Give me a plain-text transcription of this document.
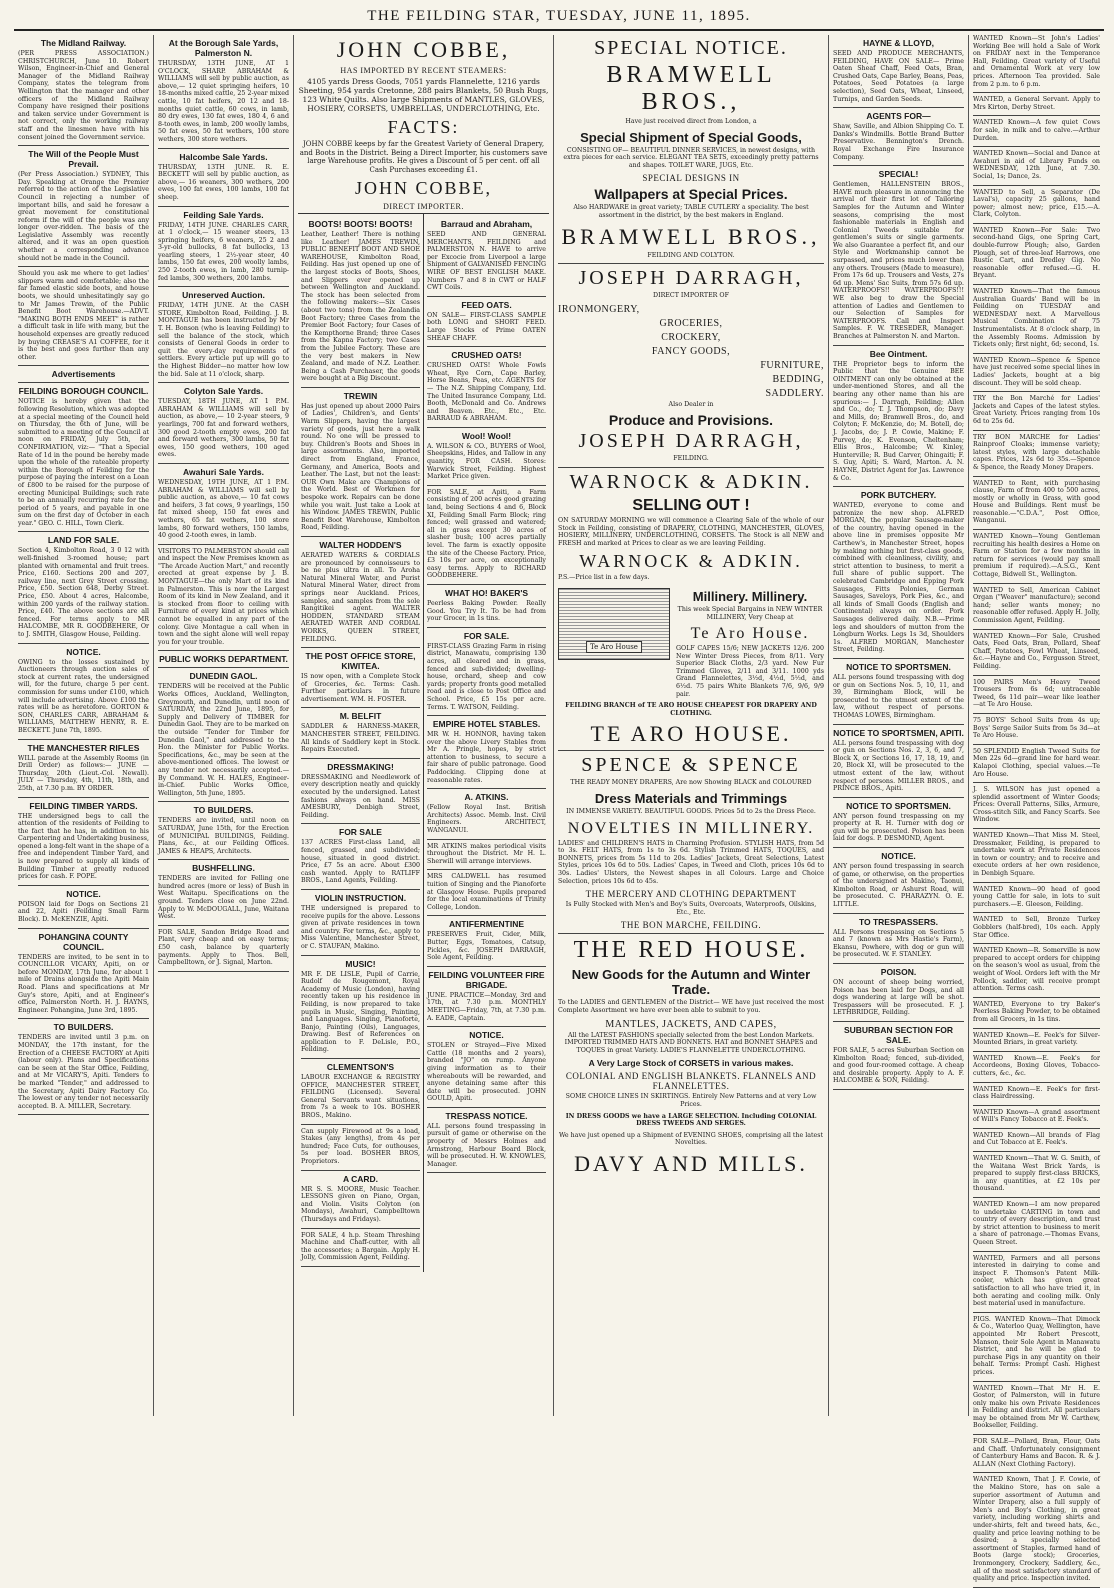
THE FEILDING STAR, TUESDAY, JUNE 11, 1895.
The Midland Railway.
(PER PRESS ASSOCIATION.) CHRISTCHURCH, June 10. Robert Wilson, Engineer-in-Chief and General Manager of the Midland Railway Company, states the telegram from Wellington that the manager and other officers of the Midland Railway Company have resigned their positions and taken service under Government is not correct, only the working railway staff and the linesmen have with his consent joined the Government service.
The Will of the People Must Prevail.
(Per Press Association.) SYDNEY, This Day. Speaking at Orange the Premier referred to the action of the Legislative Council in rejecting a number of important bills, and said he foresaw a great movement for constitutional reform if the will of the people was any longer over-ridden. The basis of the Legislative Assembly was recently altered, and it was an open question whether a corresponding advance should not be made in the Council.
Should you ask me where to get ladies' slippers warm and comfortable; also the far famed elastic side boots, and house boots, we should unhesitatingly say go to Mr James Trewin, of the Public Benefit Boot Warehouse.—ADVT. "MAKING BOTH ENDS MEET" is rather a difficult task in life with many, but the household expenses are greatly reduced by buying CREASE'S A1 COFFEE, for it is the best and goes further than any other.
Advertisements
FEILDING BOROUGH COUNCIL.
NOTICE is hereby given that the following Resolution, which was adopted at a special meeting of the Council held on Thursday, the 6th of June, will be submitted to a meeting of the Council at noon on FRIDAY, July 5th, for CONFIRMATION, viz:— "That a Special Rate of 1d in the pound be hereby made upon the whole of the rateable property within the Borough of Feilding for the purpose of paying the interest on a Loan of £800 to be raised for the purpose of erecting Municipal Buildings; such rate to be an annually recurring rate for the period of 5 years, and payable in one sum on the first day of October in each year." GEO. C. HILL, Town Clerk.
LAND FOR SALE.
Section 4, Kimbolton Road, 3 0 12 with well-finished 3-roomed house; part planted with ornamental and fruit trees. Price, £160. Sections 200 and 207, railway line, next Grey Street crossing. Price, £50. Section 648, Derby Street. Price, £50. About 4 acres, Halcombe, within 200 yards of the railway station. Price, £40. The above sections are all fenced. For terms apply to MR HALCOMBE, MR R. GOODBEHERE, Or to J. SMITH, Glasgow House, Feilding.
NOTICE.
OWING to the losses sustained by Auctioneers through auction sales of stock at current rates, the undersigned will, for the future, charge 5 per cent. commission for sums under £100, which will include advertising. Above £100 the rates will be as heretofore. GORTON & SON, CHARLES CARR, ABRAHAM & WILLIAMS, MATTHEW HENRY, R. E. BECKETT. June 7th, 1895.
THE MANCHESTER RIFLES
WILL parade at the Assembly Rooms (in Drill Order) as follows:— JUNE — Thursday, 20th (Lieut.-Col. Newall). JULY — Thursday, 4th, 11th, 18th, and 25th, at 7.30 p.m. BY ORDER.
FEILDING TIMBER YARDS.
THE undersigned begs to call the attention of the residents of Feilding to the fact that he has, in addition to his Carpentering and Undertaking business, opened a long-felt want in the shape of a free and independent Timber Yard, and is now prepared to supply all kinds of Building Timber at greatly reduced prices for cash. F. POPE.
NOTICE.
POISON laid for Dogs on Sections 21 and 22, Apiti (Feilding Small Farm Block). D. McKENZIE, Apiti.
POHANGINA COUNTY COUNCIL.
TENDERS are invited, to be sent in to COUNCILLOR VICARY, Apiti, on or before MONDAY, 17th June, for about 1 mile of Drains alongside the Apiti Main Road. Plans and specifications at Mr Guy's store, Apiti, and at Engineer's office, Palmerston North. H. J. HAYNS, Engineer. Pohangina, June 3rd, 1895.
TO BUILDERS.
TENDERS are invited until 3 p.m. on MONDAY, the 17th instant, for the Erection of a CHEESE FACTORY at Apiti (labour only). Plans and Specifications can be seen at the Star Office, Feilding, and at Mr VICARY'S, Apiti. Tenders to be marked "Tender," and addressed to the Secretary, Apiti Dairy Factory Co. The lowest or any tender not necessarily accepted. B. A. MILLER, Secretary.
At the Borough Sale Yards, Palmerston N.
THURSDAY, 13TH JUNE, AT 1 O'CLOCK, SHARP. ABRAHAM & WILLIAMS will sell by public auction, as above,— 12 quiet springing heifers, 10 18-months mixed cattle, 25 2-year mixed cattle, 10 fat heifers, 20 12 and 18-months quiet cattle, 60 cows, in lamb, 80 dry ewes, 130 fat ewes, 180 4, 6 and 8-tooth ewes, in lamb, 200 woolly lambs, 50 fat ewes, 50 fat wethers, 100 store wethers, 300 store wethers.
Halcombe Sale Yards.
THURSDAY, 13TH JUNE. R. E. BECKETT will sell by public auction, as above,— 16 weaners, 300 wethers, 200 ewes, 100 fat ewes, 100 lambs, 100 fat sheep.
Feilding Sale Yards.
FRIDAY, 14TH JUNE. CHARLES CARR, at 1 o'clock,— 15 weaner steers, 13 springing heifers, 6 weaners, 25 2 and 3-yr-old bullocks, 8 fat bullocks, 13 yearling steers, 1 2½-year steer, 40 lambs, 150 fat ewes, 200 woolly lambs, 250 2-tooth ewes, in lamb, 280 turnip-fed lambs, 300 wethers, 200 lambs.
Unreserved Auction.
FRIDAY, 14TH JUNE. At the CASH STORE, Kimbolton Road, Feilding. J. B. MONTAGUE has been instructed by Mr T. H. Bonson (who is leaving Feilding) to sell the balance of the stock, which consists of General Goods in order to quit the every-day requirements of settlers. Every article put up will go to the Highest Bidder—no matter how low the bid. Sale at 11 o'clock, sharp.
Colyton Sale Yards.
TUESDAY, 18TH JUNE, AT 1 P.M. ABRAHAM & WILLIAMS will sell by auction, as above,— 10 2-year steers, 9 yearlings, 700 fat and forward wethers, 300 good 2-tooth empty ewes, 200 fat and forward wethers, 300 lambs, 50 fat ewes, 150 good wethers, 100 aged ewes.
Awahuri Sale Yards.
WEDNESDAY, 19TH JUNE, AT 1 P.M. ABRAHAM & WILLIAMS will sell by public auction, as above,— 10 fat cows and heifers, 3 fat cows, 9 yearlings, 150 fat mixed sheep, 150 fat ewes and wethers, 65 fat wethers, 100 store lambs, 80 forward wethers, 150 lambs, 40 good 2-tooth ewes, in lamb.
VISITORS TO PALMERSTON should call and inspect the New Premises known as "The Arcade Auction Mart," and recently erected at great expense by J. B. MONTAGUE—the only Mart of its kind in Palmerston. This is now the Largest Room of its kind in New Zealand, and it is stocked from floor to ceiling with Furniture of every kind at prices which cannot be equalled in any part of the colony. Give Montague a call when in town and the sight alone will well repay you for your trouble.
PUBLIC WORKS DEPARTMENT.
DUNEDIN GAOL.
TENDERS will be received at the Public Works Offices, Auckland, Wellington, Greymouth, and Dunedin, until noon of SATURDAY, the 22nd June, 1895, for Supply and Delivery of TIMBER for Dunedin Gaol. They are to be marked on the outside "Tender for Timber for Dunedin Gaol," and addressed to the Hon. the Minister for Public Works. Specifications, &c., may be seen at the above-mentioned offices. The lowest or any tender not necessarily accepted.—By Command. W. H. HALES, Engineer-in-Chief. Public Works Office, Wellington, 5th June, 1895.
TO BUILDERS.
TENDERS are invited, until noon on SATURDAY, June 15th, for the Erection of MUNICIPAL BUILDINGS, Feilding. Plans, &c., at our Feilding Offices. JAMES & HEAPS, Architects.
BUSHFELLING.
TENDERS are invited for Felling one hundred acres (more or less) of Bush in West Waitapu. Specifications on the ground. Tenders close on June 22nd. Apply to W. McDOUGALL, June, Waitana West.
FOR SALE, Sandon Bridge Road and Plant, very cheap and on easy terms; £50 cash, balance by quarterly payments. Apply to Thos. Bell, Campbelltown, or J. Signal, Marton.
JOHN COBBE,
HAS IMPORTED BY RECENT STEAMERS:
4105 yards Dress Goods, 7051 yards Flannelette, 1216 yards Sheeting, 954 yards Cretonne, 288 pairs Blankets, 50 Bush Rugs, 123 White Quilts. Also large Shipments of MANTLES, GLOVES, HOSIERY, CORSETS, UMBRELLAS, UNDERCLOTHING, Etc.
FACTS:
JOHN COBBE keeps by far the Greatest Variety of General Drapery, and Boots in the District. Being a Direct Importer, his customers save large Warehouse profits. He gives a Discount of 5 per cent. off all Cash Purchases exceeding £1.
JOHN COBBE,
DIRECT IMPORTER.
BOOTS! BOOTS! BOOTS!
Leather, Leather! There is nothing like Leather! JAMES TREWIN, PUBLIC BENEFIT BOOT AND SHOE WAREHOUSE, Kimbolton Road, Feilding. Has just opened up one of the largest stocks of Boots, Shoes, and Slippers ever opened up between Wellington and Auckland. The stock has been selected from the following makers:—Six Cases (about two tons) from the Zealandia Boot Factory; three Cases from the Premier Boot Factory; four Cases of the Kempthorne Brand; three Cases from the Kapna Factory; two Cases from the Jubilee Factory. These are the very best makers in New Zealand, and made of N.Z. Leather. Being a Cash Purchaser, the goods were bought at a Big Discount.
TREWIN
Has just opened up about 2000 Pairs of Ladies', Children's, and Gents' Warm Slippers, having the largest variety of goods, just here a walk round. No one will be pressed to buy. Children's Boots and Shoes in large assortments. Also, imported direct from England, France, Germany, and America, Boots and Leather. The Last, but not the least: OUR Own Make are Champions of the World. Best of Workmen for bespoke work. Repairs can be done while you wait. Just take a Look at his Window. JAMES TREWIN, Public Benefit Boot Warehouse, Kimbolton Road, Feilding.
WALTER HODDEN'S
AERATED WATERS & CORDIALS are pronounced by connoisseurs to be ne plus ultra in all. To Aroha Natural Mineral Water, and Purist Natural Mineral Water, direct from springs near Auckland. Prices, samples, and samples from the sole Rangitikei agent. WALTER HODDEN, STANDARD STEAM AERATED WATER AND CORDIAL WORKS, QUEEN STREET, FEILDING.
THE POST OFFICE STORE, KIWITEA.
IS now open, with a Complete Stock of Groceries, &c. Terms: Cash. Further particulars in future advertisement. WM. H. FOSTER.
M. BELFIT
SADDLER & HARNESS-MAKER, MANCHESTER STREET, FEILDING. All kinds of Saddlery kept in Stock. Repairs Executed.
DRESSMAKING!
DRESSMAKING and Needlework of every description neatly and quickly executed by the undersigned. Latest fashions always on hand. MISS AMESBURY, Denbigh Street, Feilding.
FOR SALE
137 ACRES First-class Land, all fenced, grassed, and subdivided; house, situated in good district. Price, £7 5s an acre. About £300 cash wanted. Apply to RATLIFF BROS., Land Agents, Feilding.
VIOLIN INSTRUCTION.
THE undersigned is prepared to receive pupils for the above. Lessons given at private residences in town and country. For terms, &c., apply to Miss Valentine, Manchester Street, or C. STAUFAN, Makino.
MUSIC!
MR F. DE LISLE, Pupil of Carrie, Rudolf de Rougemont, Royal Academy of Music (London), having recently taken up his residence in Feilding, is now prepared to take pupils in Music, Singing, Painting, and Languages. Singing, Pianoforte, Banjo, Painting (Oils), Languages, Drawing. Best of References on application to F. DeLisle, P.O., Feilding.
CLEMENTSON'S
LABOUR EXCHANGE & REGISTRY OFFICE, MANCHESTER STREET, FEILDING (Licensed). Several General Servants want situations, from 7s a week to 10s. BOSHER BROS., Makino.
Can supply Firewood at 9s a load, Stakes (any lengths), from 4s per hundred; Face Cuts, for outhouses, 5s per load. BOSHER BROS, Proprietors.
A CARD.
MR S. S. MOORE, Music Teacher. LESSONS given on Piano, Organ, and Violin. Visits Colyton (on Mondays), Awahuri, Campbelltown (Thursdays and Fridays).
FOR SALE, 4 h.p. Steam Threshing Machine and Chaff-cutter, with all the accessories; a Bargain. Apply H. Jolly, Commission Agent, Feilding.
Barraud and Abraham,
SEED AND GENERAL MERCHANTS, FEILDING and PALMERSTON N. HAVE to arrive per Excocie from Liverpool a large Shipment of GALVANISED FENCING WIRE OF BEST ENGLISH MAKE. Numbers 7 and 8 in CWT or HALF CWT Coils.
FEED OATS.
ON SALE— FIRST-CLASS SAMPLE both LONG and SHORT FEED. Large Stocks of Prime OATEN SHEAF CHAFF.
CRUSHED OATS!
CRUSHED OATS! Whole Fowls Wheat, Rye Corn, Cape Barley, Horse Beans, Peas, etc. AGENTS for— The N.Z. Shipping Company, Ltd. The United Insurance Company, Ltd. Booth, McDonald and Co. Andrews and Beaven. Etc., Etc., Etc. BARRAUD & ABRAHAM.
Wool! Wool!
A. WILSON & CO., BUYERS of Wool, Sheepskins, Hides, and Tallow in any quantity, FOR CASH. Stores: Warwick Street, Feilding. Highest Market Price given.
FOR SALE, at Apiti, a Farm consisting of 200 acres good grazing land, being Sections 4 and 6, Block XI, Feilding Small Farm Block; ring fenced; well grassed and watered; all in grass except 30 acres of slasher bush; 100 acres partially level. The farm is exactly opposite the site of the Cheese Factory. Price, £3 10s per acre, on exceptionally easy terms. Apply to RICHARD GOODBEHERE.
WHAT HO! BAKER'S
Peerless Baking Powder. Really Good. You Try It. To be had from your Grocer, in 1s tins.
FOR SALE.
FIRST-CLASS Grazing Farm in rising district, Manawatu, comprising 130 acres, all cleared and in grass, fenced and sub-divided; dwelling-house, orchard, sheep and cow yards; property fronts good metalled road and is close to Post Office and School. Price, £5 15s per acre. Terms. T. WATSON, Feilding.
EMPIRE HOTEL STABLES.
MR W. H. HONNOR, having taken over the above Livery Stables from Mr A. Pringle, hopes, by strict attention to business, to secure a fair share of public patronage. Good Paddocking. Clipping done at reasonable rates.
A. ATKINS.
(Fellow Royal Inst. British Architects) Assoc. Memb. Inst. Civil Engineers. ARCHITECT, WANGANUI.
MR ATKINS makes periodical visits throughout the District. Mr H. L. Sherwill will arrange interviews.
MRS CALDWELL has resumed tuition of Singing and the Pianoforte at Glasgow House. Pupils prepared for the local examinations of Trinity College, London.
ANTIFERMENTINE
PRESERVES Fruit, Cider, Milk, Butter, Eggs, Tomatoes, Catsup, Pickles, &c. JOSEPH DARRAGH, Sole Agent, Feilding.
FEILDING VOLUNTEER FIRE BRIGADE.
JUNE. PRACTICE—Monday, 3rd and 17th, at 7.30 p.m. MONTHLY MEETING—Friday, 7th, at 7.30 p.m. A. EADE, Captain.
NOTICE.
STOLEN or Strayed—Five Mixed Cattle (18 months and 2 years), branded "JO" on rump. Anyone giving information as to their whereabouts will be rewarded, and anyone detaining same after this date will be prosecuted. JOHN GOULD, Apiti.
TRESPASS NOTICE.
ALL persons found trespassing in pursuit of game or otherwise on the property of Messrs Holmes and Armstrong, Harbour Board Block, will be prosecuted. H. W. KNOWLES, Manager.
SPECIAL NOTICE.
BRAMWELL BROS.,
Have just received direct from London, a
Special Shipment of Special Goods,
CONSISTING OF— BEAUTIFUL DINNER SERVICES, in newest designs, with extra pieces for each service. ELEGANT TEA SETS, exceedingly pretty patterns and shapes. TOILET WARE, JUGS, Etc.
SPECIAL DESIGNS IN
Wallpapers at Special Prices.
Also HARDWARE in great variety; TABLE CUTLERY a speciality. The best assortment in the district, by the best makers in England.
BRAMWELL BROS.,
FEILDING AND COLYTON.
JOSEPH DARRAGH,
DIRECT IMPORTER OF
IRONMONGERY,
GROCERIES,
CROCKERY,
FANCY GOODS,
FURNITURE,
BEDDING,
SADDLERY.
Also Dealer in
Produce and Provisions.
JOSEPH DARRAGH,
FEILDING.
WARNOCK & ADKIN.
SELLING OUT !
ON SATURDAY MORNING we will commence a Clearing Sale of the whole of our Stock in Feilding, consisting of DRAPERY, CLOTHING, MANCHESTER, GLOVES, HOSIERY, MILLINERY, UNDERCLOTHING, CORSETS. The Stock is all NEW and FRESH and marked at Prices to clear as we are leaving Feilding.
WARNOCK & ADKIN.
P.S.—Price list in a few days.
Te Aro House
Millinery. Millinery.
This week Special Bargains in NEW WINTER MILLINERY, Very Cheap at
Te Aro House.
GOLF CAPES 15/6; NEW JACKETS 12/6. 200 New Winter Dress Pieces, from 8/11. Very Superior Black Cloths, 2/3 yard. New Fur Trimmed Gloves, 2/11 and 3/11. 1000 yds Grand Flannelettes, 3½d, 4½d, 5½d, and 6½d. 75 pairs White Blankets 7/6, 9/6, 9/9 pair.
FEILDING BRANCH of TE ARO HOUSE CHEAPEST FOR DRAPERY AND CLOTHING.
TE ARO HOUSE.
SPENCE & SPENCE
THE READY MONEY DRAPERS, Are now Showing BLACK and COLOURED
Dress Materials and Trimmings
IN IMMENSE VARIETY. BEAUTIFUL GOODS. Prices 5d to 2s the Dress Piece.
NOVELTIES IN MILLINERY.
LADIES' and CHILDREN'S HATS in Charming Profusion. STYLISH HATS, from 5d to 3s. FELT HATS, from 1s to 3s 6d. Stylish Trimmed HATS, TOQUES, and BONNETS, prices from 5s 11d to 20s. Ladies' Jackets, Great Selections, Latest Styles, prices 10s 6d to 50s. Ladies' Capes, in Tweed and Cloth, prices 10s 6d to 30s. Ladies' Ulsters, the Newest shapes in all Colours. Large and Choice Selection, prices 10s 6d to 45s.
THE MERCERY AND CLOTHING DEPARTMENT
Is Fully Stocked with Men's and Boy's Suits, Overcoats, Waterproofs, Oilskins, Etc., Etc.
THE BON MARCHE, FEILDING.
THE RED HOUSE.
New Goods for the Autumn and Winter Trade.
To the LADIES and GENTLEMEN of the District— WE have just received the most Complete Assortment we have ever been able to submit to you.
MANTLES, JACKETS, AND CAPES,
All the LATEST FASHIONS specially selected from the best London Markets. IMPORTED TRIMMED HATS AND BONNETS. HAT and BONNET SHAPES and TOQUES in great Variety. LADIE'S FLANNELETTE UNDERCLOTHING.
A Very Large Stock of CORSETS in various makes.
COLONIAL AND ENGLISH BLANKETS. FLANNELS AND FLANNELETTES.
SOME CHOICE LINES IN SKIRTINGS. Entirely New Patterns and at very Low Prices.
IN DRESS GOODS we have a LARGE SELECTION. Including COLONIAL DRESS TWEEDS AND SERGES.
We have just opened up a Shipment of EVENING SHOES, comprising all the latest Novelties.
DAVY AND MILLS.
HAYNE & LLOYD,
SEED AND PRODUCE MERCHANTS, FEILDING, HAVE ON SALE— Prime Oaten Sheaf Chaff, Feed Oats, Bran, Crushed Oats, Cape Barley, Beans, Peas, Potatoes, Seed Potatoes (a large selection), Seed Oats, Wheat, Linseed, Turnips, and Garden Seeds.
AGENTS FOR—
Shaw, Saville, and Albion Shipping Co. T. Danks's Windmills. Bottle Brand Butter Preservative. Bennington's Drench. Royal Exchange Fire Insurance Company.
SPECIAL!
Gentlemen, HALLENSTEIN BROS., HAVE much pleasure in announcing the arrival of their first lot of Tailoring Samples for the Autumn and Winter seasons, comprising the most fashionable materials in English and Colonial Tweeds suitable for gentlemen's suits or single garments. We also Guarantee a perfect fit, and our Style and Workmanship cannot be surpassed, and prices much lower than any others. Trousers (Made to measure), From 17s 6d up. Trousers and Vests, 27s 6d up. Mens' Sac Suits, from 57s 6d up. WATERPROOFS!! WATERPROOFS!!! WE also beg to draw the Special attention of Ladies and Gentlemen to our Selection of Samples for WATERPROOFS. Call and Inspect Samples. F. W. TRESEDER, Manager. Branches at Palmerston N. and Marton.
Bee Ointment.
THE Proprietor begs to inform the Public that the Genuine BEE OINTMENT can only be obtained at the under-mentioned Stores, and all the bearing any other name than his are spurious:— J. Darragh, Feilding; Allen and Co., do; T. J. Thompson, do; Davy and Mills, do; Bramwell Bros., do, and Colyton; F. McKenzie, do; M. Botell, do; J. Jacobs, do; J. P. Cowie, Makino; F. Purvey, do; K. Evenson, Cheltenham; Ellis Bros., Halcombe; W. Kinley, Hunterville; R. Bud Carver, Ohingaiti; F. S. Guy, Apiti; S. Ward, Marton. A. N. HAYNE, District Agent for Jas. Lawrence & Co.
PORK BUTCHERY.
WANTED, everyone to come and patronize the new shop. ALFRED MORGAN, the popular Sausage-maker of the country, having opened in the above line in premises opposite Mr Carthew's, in Manchester Street, hopes by making nothing but first-class goods, combined with cleanliness, civility, and strict attention to business, to merit a full share of public support. The celebrated Cambridge and Epping Pork Sausages, Fitts Polonies, German Sausages, Saveloys, Pork Pies, &c., and all kinds of Small Goods (English and Continental) always on order. Pork Sausages delivered daily. N.B.—Prime legs and shoulders of mutton from the Longburn Works. Legs 1s 3d, Shoulders 1s. ALFRED MORGAN, Manchester Street, Feilding.
NOTICE TO SPORTSMEN.
ALL persons found trespassing with dog or gun on Sections Nos. 5, 10, 11, and 39, Birmingham Block, will be prosecuted to the utmost extent of the law, without respect of persons. THOMAS LOWES, Birmingham.
NOTICE TO SPORTSMEN, APITI.
ALL persons found trespassing with dog or gun on Sections Nos. 2, 3, 6, and 7, Block X, or Sections 16, 17, 18, 19, and 20, Block XI, will be prosecuted to the utmost extent of the law, without respect of persons. MILLER BROS., and PRINCE BROS., Apiti.
NOTICE TO SPORTSMEN.
ANY person found trespassing on my property at R. H. Turner with dog or gun will be prosecuted. Poison has been laid for dogs. P. DESMOND, Agent.
NOTICE.
ANY person found trespassing in search of game, or otherwise, on the properties of the undersigned at Makino, Taonui, Kimbolton Road, or Ashurst Road, will be prosecuted. C. PHARAZYN. O. E. LITTLE.
TO TRESPASSERS.
ALL Persons trespassing on Sections 5 and 7 (known as Mrs Hastie's Farm), Ekansu, Powhere, with dog or gun will be prosecuted. W. F. STANLEY.
POISON.
ON account of sheep being worried, Poison has been laid for Dogs, and all dogs wandering at large will be shot. Trespassers will be prosecuted. F. J. LETHBRIDGE, Feilding.
SUBURBAN SECTION FOR SALE.
FOR SALE, 5 acres Suburban Section on Kimbolton Road; fenced, sub-divided, and good four-roomed cottage. A cheap and desirable property. Apply to A. F. HALCOMBE & SON, Feilding.
WANTED Known—St John's Ladies' Working Bee will hold a Sale of Work on FRIDAY next in the Temperance Hall, Feilding. Great variety of Useful and Ornamental Work at very low prices. Afternoon Tea provided. Sale from 2 p.m. to 6 p.m.
WANTED, a General Servant. Apply to Mrs Kirton, Derby Street.
WANTED Known—A few quiet Cows for sale, in milk and to calve.—Arthur Durden.
WANTED Known—Social and Dance at Awahuri in aid of Library Funds on WEDNESDAY, 12th June, at 7.30. Social, 1s; Dance, 2s.
WANTED to Sell, a Separator (De Laval's), capacity 25 gallons, hand power; almost new; price, £15.—A. Clark, Colyton.
WANTED Known—For Sale: Two second-hand Gigs, one Spring Cart, double-furrow Plough; also, Garden Plough, set of three-leaf Harrows, one Rustic Cart, and Dredley Gig. No reasonable offer refused.—G. H. Bryant.
WANTED Known—That the famous Australian Guards' Band will be in Feilding on TUESDAY and WEDNESDAY next. A Marvellous Musical Combination of 75 Instrumentalists. At 8 o'clock sharp, in the Assembly Rooms. Admission by Tickets only; first night, 6d; second, 1s.
WANTED Known—Spence & Spence have just received some special lines in Ladies' Jackets, bought at a big discount. They will be sold cheap.
TRY the Bon Marché for Ladies' Jackets and Capes of the latest styles. Great Variety. Prices ranging from 10s 6d to 25s 6d.
TRY BON MARCHE for Ladies' Rainproof Cloaks; immense variety; latest styles, with large detachable capes. Prices, 12s 6d to 35s.—Spence & Spence, the Ready Money Drapers.
WANTED to Rent, with purchasing clause, Farm of from 400 to 500 acres, mostly or wholly in Grass, with good House and Buildings. Rent must be reasonable.—"C.D.A.", Post Office, Wanganui.
WANTED Known—Young Gentleman recruiting his health desires a Home on Farm or Station for a few months in return for services (would pay small premium if required).—A.S.G., Kent Cottage, Bidwell St., Wellington.
WANTED to Sell, American Cabinet Organ ("Weaver" manufacture); second hand; seller wants money; no reasonable offer refused. Apply H. Jolly, Commission Agent, Feilding.
WANTED Known—For Sale, Crushed Oats, Feed Oats, Bran, Pollard, Sheaf Chaff, Potatoes, Fowl Wheat, Linseed, &c.—Hayne and Co., Fergusson Street, Feilding.
100 PAIRS Men's Heavy Tweed Trousers from 6s 6d; untraceable Tweed, 6s 11d pair—wear like leather—at Te Aro House.
75 BOYS' School Suits from 4s up; Boys' Serge Sailor Suits from 5s 3d—at Te Aro House.
50 SPLENDID English Tweed Suits for Men 22s 6d—grand line for hard wear. Kalapoi Clothing, special values.—Te Aro House.
J. S. WILSON has just opened a splendid assortment of Winter Goods; Prices: Overall Patterns, Silks, Armure, Cross-stitch Silk, and Fancy Scarfs. See Window.
WANTED Known—That Miss M. Steel, Dressmaker, Feilding, is prepared to undertake work at Private Residences in town or country; and to receive and execute orders at her own residence, in Denbigh Square.
WANTED Known—90 head of good young Cattle for sale, in lots to suit purchasers.—E. Gleeson, Feilding.
WANTED to Sell, Bronze Turkey Gobblers (half-bred), 10s each. Apply Star Office.
WANTED Known—R. Somerville is now prepared to accept orders for chipping on the season's wool as usual, from the weight of Wool. Orders left with the Mr Pollock, saddler, will receive prompt attention. Terms cash.
WANTED, Everyone to try Baker's Peerless Baking Powder, to be obtained from all Grocers, in 1s tins.
WANTED Known—E. Feek's for Silver-Mounted Briars, in great variety.
WANTED Known—E. Feek's for Accordeons, Boxing Gloves, Tobacco-cutters, &c., &c.
WANTED Known—E. Feek's for first-class Hairdressing.
WANTED Known—A grand assortment of Will's Fancy Tobacco at E. Feek's.
WANTED Known—All brands of Flag and Cut Tobacco at E. Feek's.
WANTED Known—That W. G. Smith, of the Waitana West Brick Yards, is prepared to supply first-class BRICKS, in any quantities, at £2 10s per thousand.
WANTED Known—I am now prepared to undertake CARTING in town and country of every description, and trust by strict attention to business to merit a share of patronage.—Thomas Evans, Queen Street.
WANTED, Farmers and all persons interested in dairying to come and inspect F. Thomson's Patent Milk-cooler, which has given great satisfaction to all who have tried it, in both aerating and cooling milk. Only best material used in manufacture.
PIGS. WANTED Known—That Dimock & Co., Waterloo Quay, Wellington, have appointed Mr Robert Prescott, Manson, their Sole Agent in Manawatu District, and he will be glad to purchase Pigs in any quantity on their behalf. Terms: Prompt Cash. Highest prices.
WANTED Known—That Mr H. E. Gostor, of Palmerston, will in future only make his own Private Residences in Feilding and district. All particulars may be obtained from Mr W. Carthew, Bookseller, Feilding.
FOR SALE—Pollard, Bran, Flour, Oats and Chaff. Unfortunately consignment of Canterbury Hams and Bacon. R. & J. ALLAN (Next Clothing Factory).
WANTED Known, That J. F. Cowie, of the Makino Store, has on sale a superior assortment of Autumn and Winter Drapery, also a full supply of Men's and Boy's Clothing, in great variety, including working shirts and under-shirts, felt and tweed hats, &c., quality and price leaving nothing to be desired; a specially selected assortment of Staples, farmed hand of Boots (large stock); Groceries, Ironmongery, Crockery, Saddlery, &c., all of the most satisfactory standard of quality and price. Inspection invited.
